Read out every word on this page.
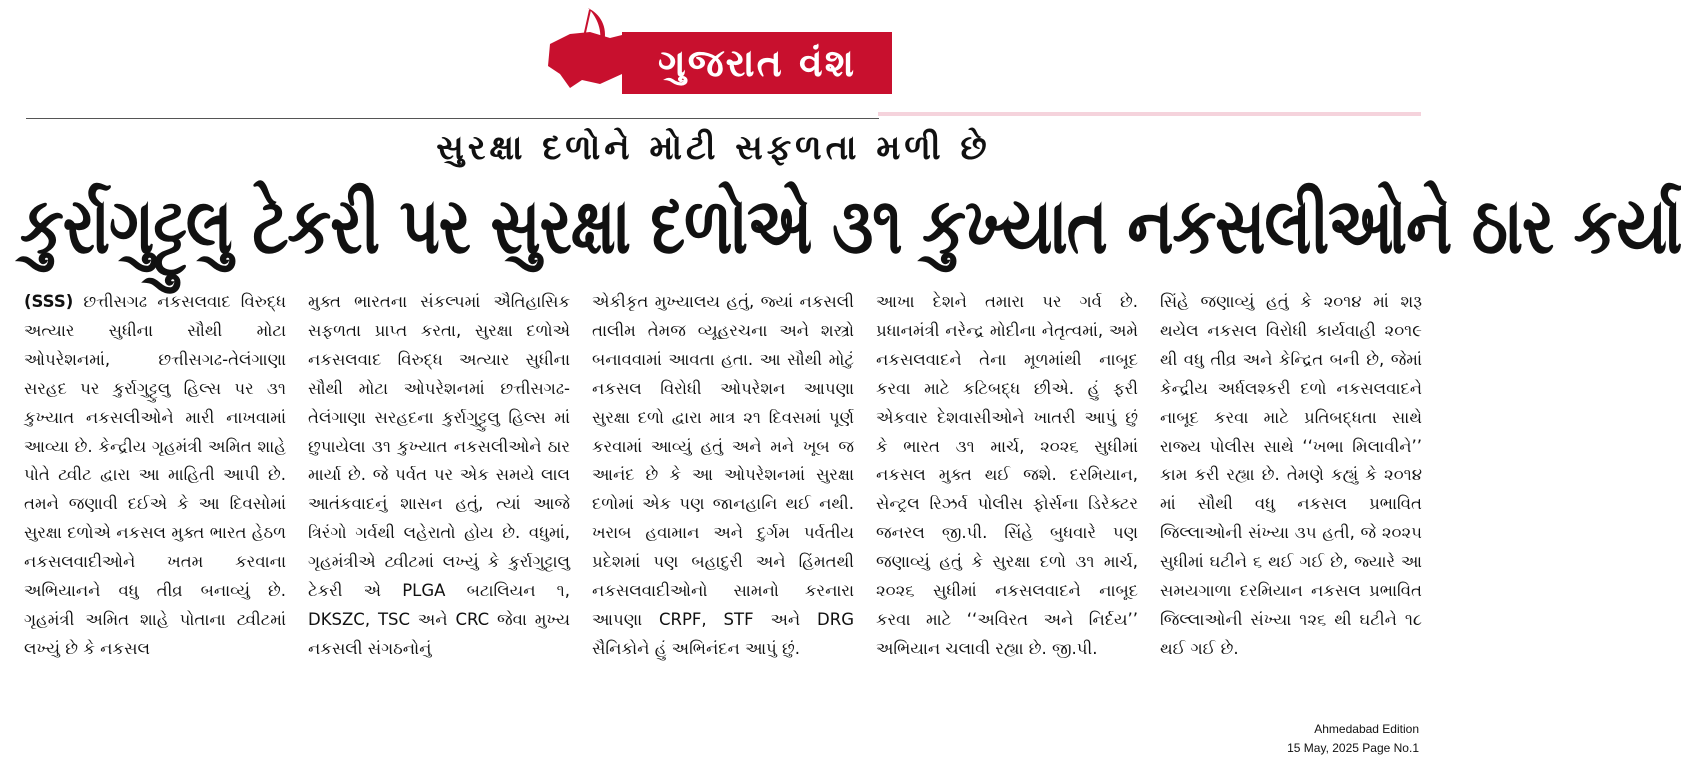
ગુજરાત વંશ
સુરક્ષા દળોને મોટી સફળતા મળી છે
કુર્રાગુટ્ટુલુ ટેકરી પર સુરક્ષા દળોએ ૩૧ કુખ્યાત નકસલીઓને ઠાર કર્યા

(SSS) છત્તીસગઢ નકસલવાદ વિરુદ્ધ અત્યાર સુધીના સૌથી મોટા ઓપરેશનમાં, છત્તીસગઢ-તેલંગાણા સરહદ પર કુર્રાગુટ્ટુલુ હિલ્સ પર ૩૧ કુખ્યાત નકસલીઓને મારી નાખવામાં આવ્યા છે. કેન્દ્રીય ગૃહમંત્રી અમિત શાહે પોતે ટ્વીટ દ્વારા આ માહિતી આપી છે. તમને જણાવી દઈએ કે આ દિવસોમાં સુરક્ષા દળોએ નકસલ મુક્ત ભારત હેઠળ નકસલવાદીઓને ખતમ કરવાના અભિયાનને વધુ તીવ્ર બનાવ્યું છે. ગૃહમંત્રી અમિત શાહે પોતાના ટ્વીટમાં લખ્યું છે કે નકસલ

મુક્ત ભારતના સંકલ્પમાં ઐતિહાસિક સફળતા પ્રાપ્ત કરતા, સુરક્ષા દળોએ નકસલવાદ વિરુદ્ધ અત્યાર સુધીના સૌથી મોટા ઓપરેશનમાં છત્તીસગઢ-તેલંગાણા સરહદના કુર્રાગુટ્ટુલુ હિલ્સ માં છુપાયેલા ૩૧ કુખ્યાત નકસલીઓને ઠાર માર્યા છે. જે પર્વત પર એક સમયે લાલ આતંકવાદનું શાસન હતું, ત્યાં આજે ત્રિરંગો ગર્વથી લહેરાતો હોય છે. વધુમાં, ગૃહમંત્રીએ ટ્વીટમાં લખ્યું કે કુર્રાગુટ્ટાલુ ટેકરી એ PLGA બટાલિયન ૧, DKSZC, TSC અને CRC જેવા મુખ્ય નકસલી સંગઠનોનું

એકીકૃત મુખ્યાલય હતું, જ્યાં નકસલી તાલીમ તેમજ વ્યૂહરચના અને શસ્ત્રો બનાવવામાં આવતા હતા. આ સૌથી મોટું નકસલ વિરોધી ઓપરેશન આપણા સુરક્ષા દળો દ્વારા માત્ર ૨૧ દિવસમાં પૂર્ણ કરવામાં આવ્યું હતું અને મને ખૂબ જ આનંદ છે કે આ ઓપરેશનમાં સુરક્ષા દળોમાં એક પણ જાનહાનિ થઈ નથી. ખરાબ હવામાન અને દુર્ગમ પર્વતીય પ્રદેશમાં પણ બહાદુરી અને હિંમતથી નકસલવાદીઓનો સામનો કરનારા આપણા CRPF, STF અને DRG સૈનિકોને હું અભિનંદન આપું છું.

આખા દેશને તમારા પર ગર્વ છે. પ્રધાનમંત્રી નરેન્દ્ર મોદીના નેતૃત્વમાં, અમે નકસલવાદને તેના મૂળમાંથી નાબૂદ કરવા માટે કટિબદ્ધ છીએ. હું ફરી એકવાર દેશવાસીઓને ખાતરી આપું છું કે ભારત ૩૧ માર્ચ, ૨૦૨૬ સુધીમાં નકસલ મુક્ત થઈ જશે. દરમિયાન, સેન્ટ્રલ રિઝર્વ પોલીસ ફોર્સના ડિરેક્ટર જનરલ જી.પી. સિંહે બુધવારે પણ જણાવ્યું હતું કે સુરક્ષા દળો ૩૧ માર્ચ, ૨૦૨૬ સુધીમાં નકસલવાદને નાબૂદ કરવા માટે ‘‘અવિરત અને નિર્દય’’ અભિયાન ચલાવી રહ્યા છે. જી.પી.

સિંહે જણાવ્યું હતું કે ૨૦૧૪ માં શરૂ થયેલ નકસલ વિરોધી કાર્યવાહી ૨૦૧૯ થી વધુ તીવ્ર અને કેન્દ્રિત બની છે, જેમાં કેન્દ્રીય અર્ધલશ્કરી દળો નકસલવાદને નાબૂદ કરવા માટે પ્રતિબદ્ધતા સાથે રાજ્ય પોલીસ સાથે ‘‘ખભા મિલાવીને’’ કામ કરી રહ્યા છે. તેમણે કહ્યું કે ૨૦૧૪ માં સૌથી વધુ નકસલ પ્રભાવિત જિલ્લાઓની સંખ્યા ૩૫ હતી, જે ૨૦૨૫ સુધીમાં ઘટીને ૬ થઈ ગઈ છે, જ્યારે આ સમયગાળા દરમિયાન નકસલ પ્રભાવિત જિલ્લાઓની સંખ્યા ૧૨૬ થી ઘટીને ૧૮ થઈ ગઈ છે.

Ahmedabad Edition
15 May, 2025 Page No.1
